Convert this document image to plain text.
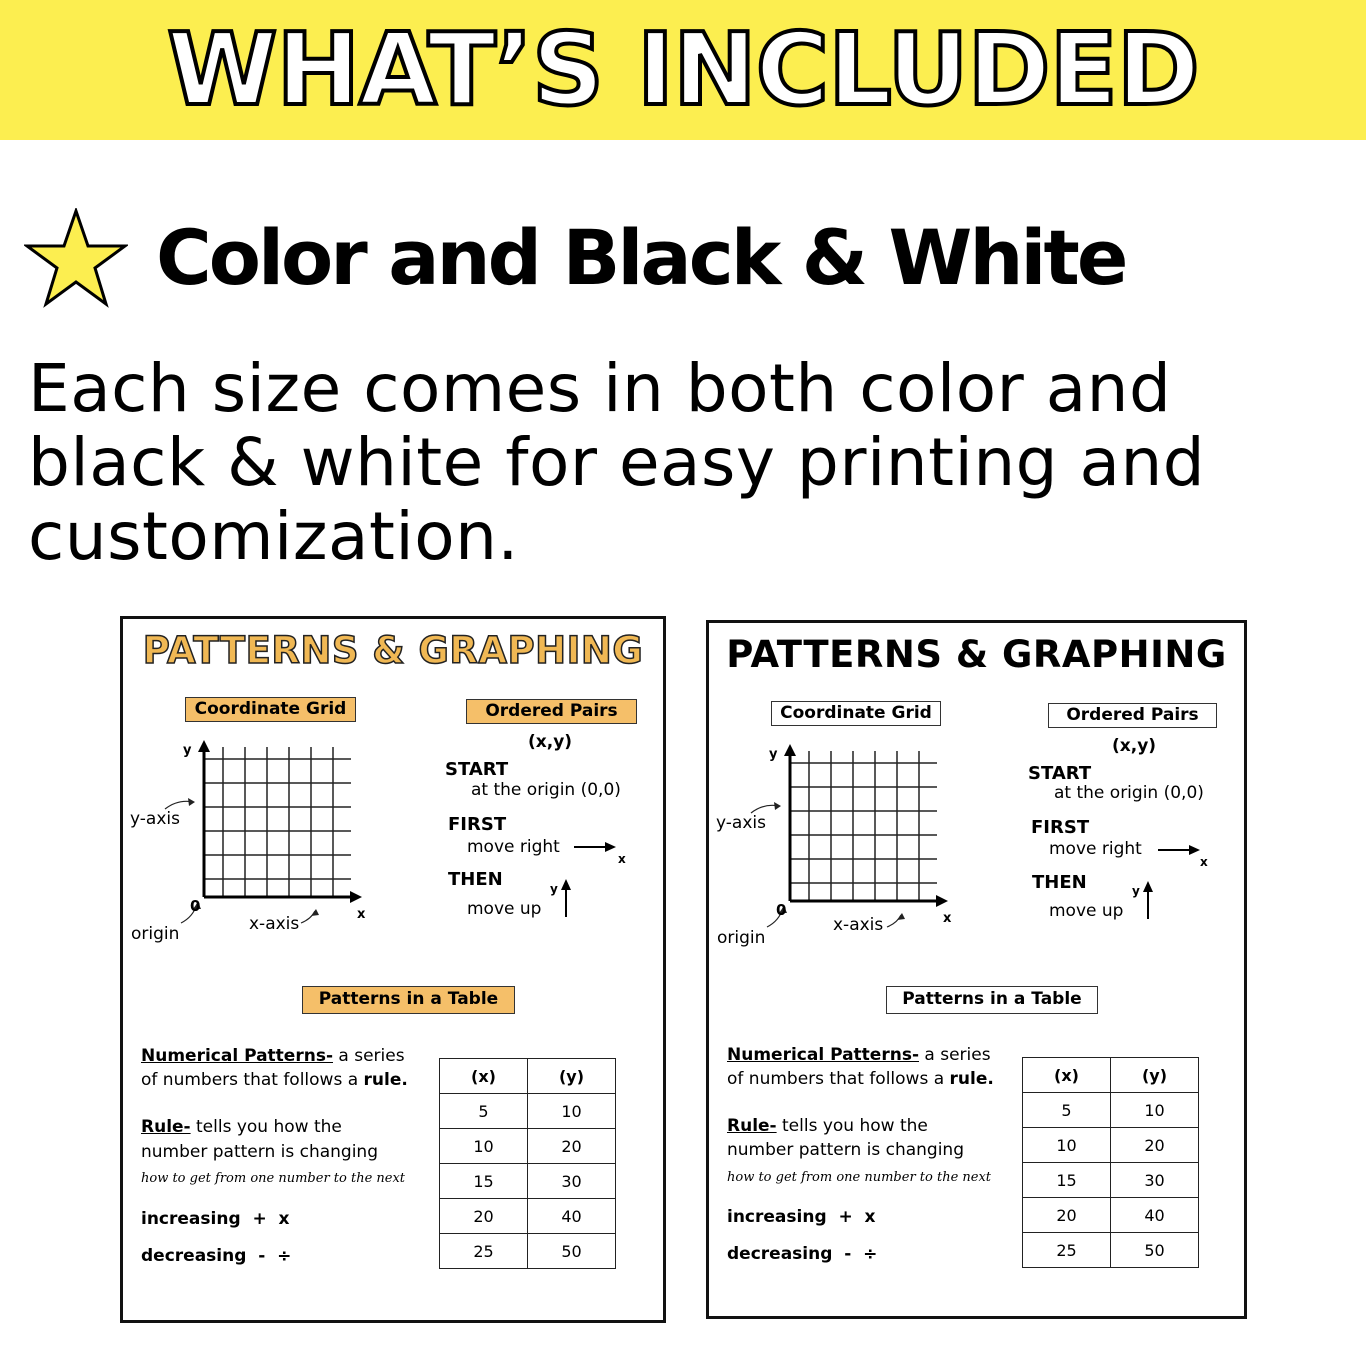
WHAT’S INCLUDED
Color and Black & White
Each size comes in both color and black & white for easy printing and customization.
PATTERNS & GRAPHING
Coordinate Grid
y
y-axis
0	x
origin	x-axis
Ordered Pairs
(x,y)
START
at the origin (0,0)
FIRST
move right
x
THEN
move up
y
Patterns in a Table
Numerical Patterns- a series
of numbers that follows a rule.
Rule- tells you how the
number pattern is changing
how to get from one number to the next
increasing  +  x
decreasing  -  ÷
(x)	(y)
5	10
10	20
15	30
20	40
25	50
PATTERNS & GRAPHING
Coordinate Grid
y
y-axis
0	x
origin
x-axis
Ordered Pairs
(x,y)
START
at the origin (0,0)
FIRST
move right
x
THEN
move up
y
Patterns in a Table
Numerical Patterns- a series
of numbers that follows a rule.
Rule- tells you how the
number pattern is changing
how to get from one number to the next
increasing  +  x
decreasing  -  ÷
(x)	(y)
5	10
10	20
15	30
20	40
25	50
